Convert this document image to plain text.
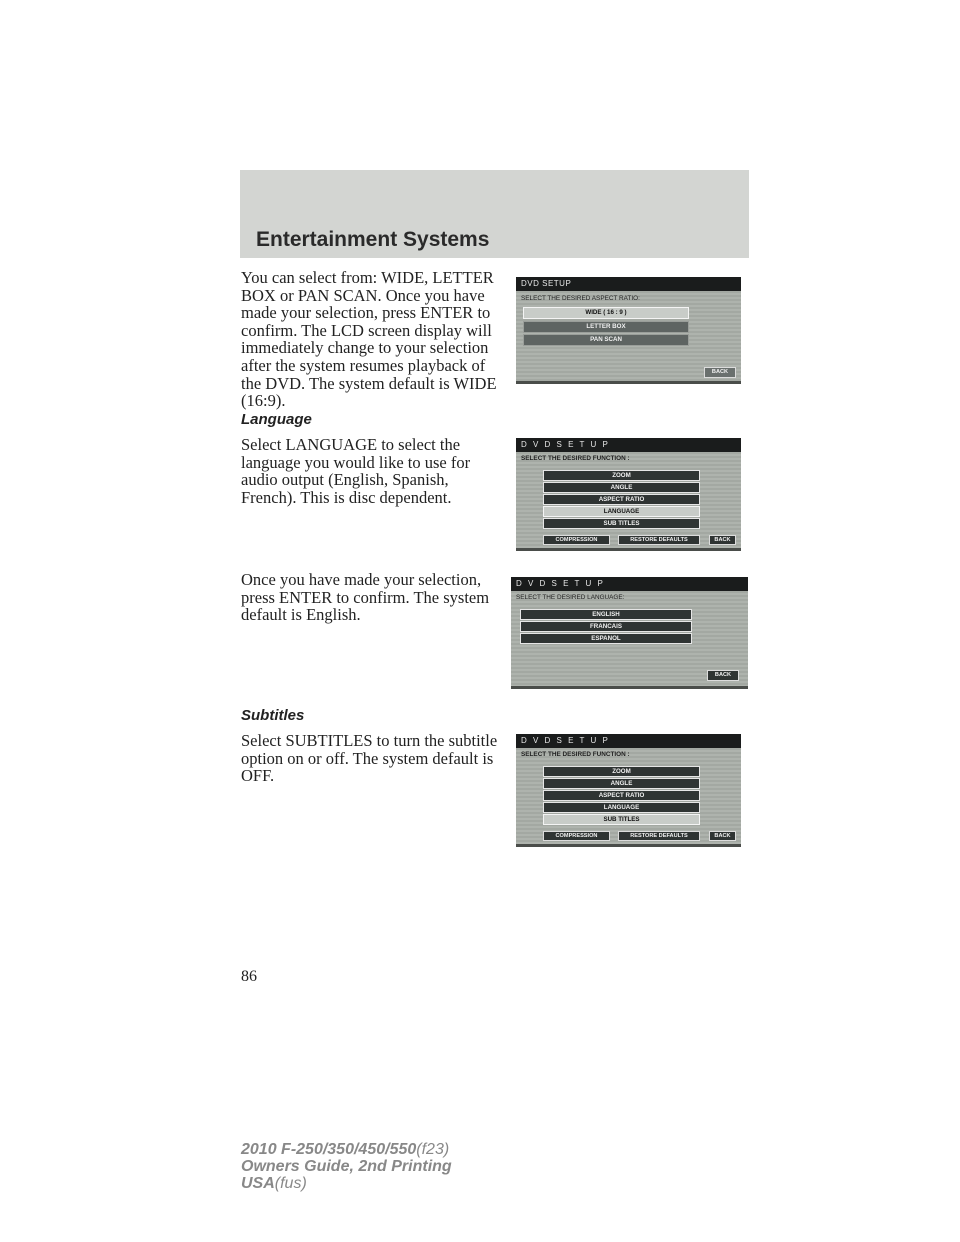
Entertainment Systems

You can select from: WIDE, LETTER BOX or PAN SCAN. Once you have made your selection, press ENTER to confirm. The LCD screen display will immediately change to your selection after the system resumes playback of the DVD. The system default is WIDE (16:9).

DVD SETUP
SELECT THE DESIRED ASPECT RATIO:
WIDE ( 16 : 9 )
LETTER BOX
PAN SCAN
BACK
Language

Select LANGUAGE to select the language you would like to use for audio output (English, Spanish, French). This is disc dependent.

D V D S E T U P
SELECT THE DESIRED FUNCTION :
ZOOM
ANGLE
ASPECT RATIO
LANGUAGE
SUB TITLES
COMPRESSION	RESTORE DEFAULTS	BACK

Once you have made your selection, press ENTER to confirm. The system default is English.

D V D S E T U P
SELECT THE DESIRED LANGUAGE:
ENGLISH
FRANCAIS
ESPANOL
BACK
Subtitles

Select SUBTITLES to turn the subtitle option on or off. The system default is OFF.

D V D S E T U P
SELECT THE DESIRED FUNCTION :
ZOOM
ANGLE
ASPECT RATIO
LANGUAGE
SUB TITLES
COMPRESSION	RESTORE DEFAULTS	BACK
86
2010 F-250/350/450/550(f23)
Owners Guide, 2nd Printing
USA(fus)
